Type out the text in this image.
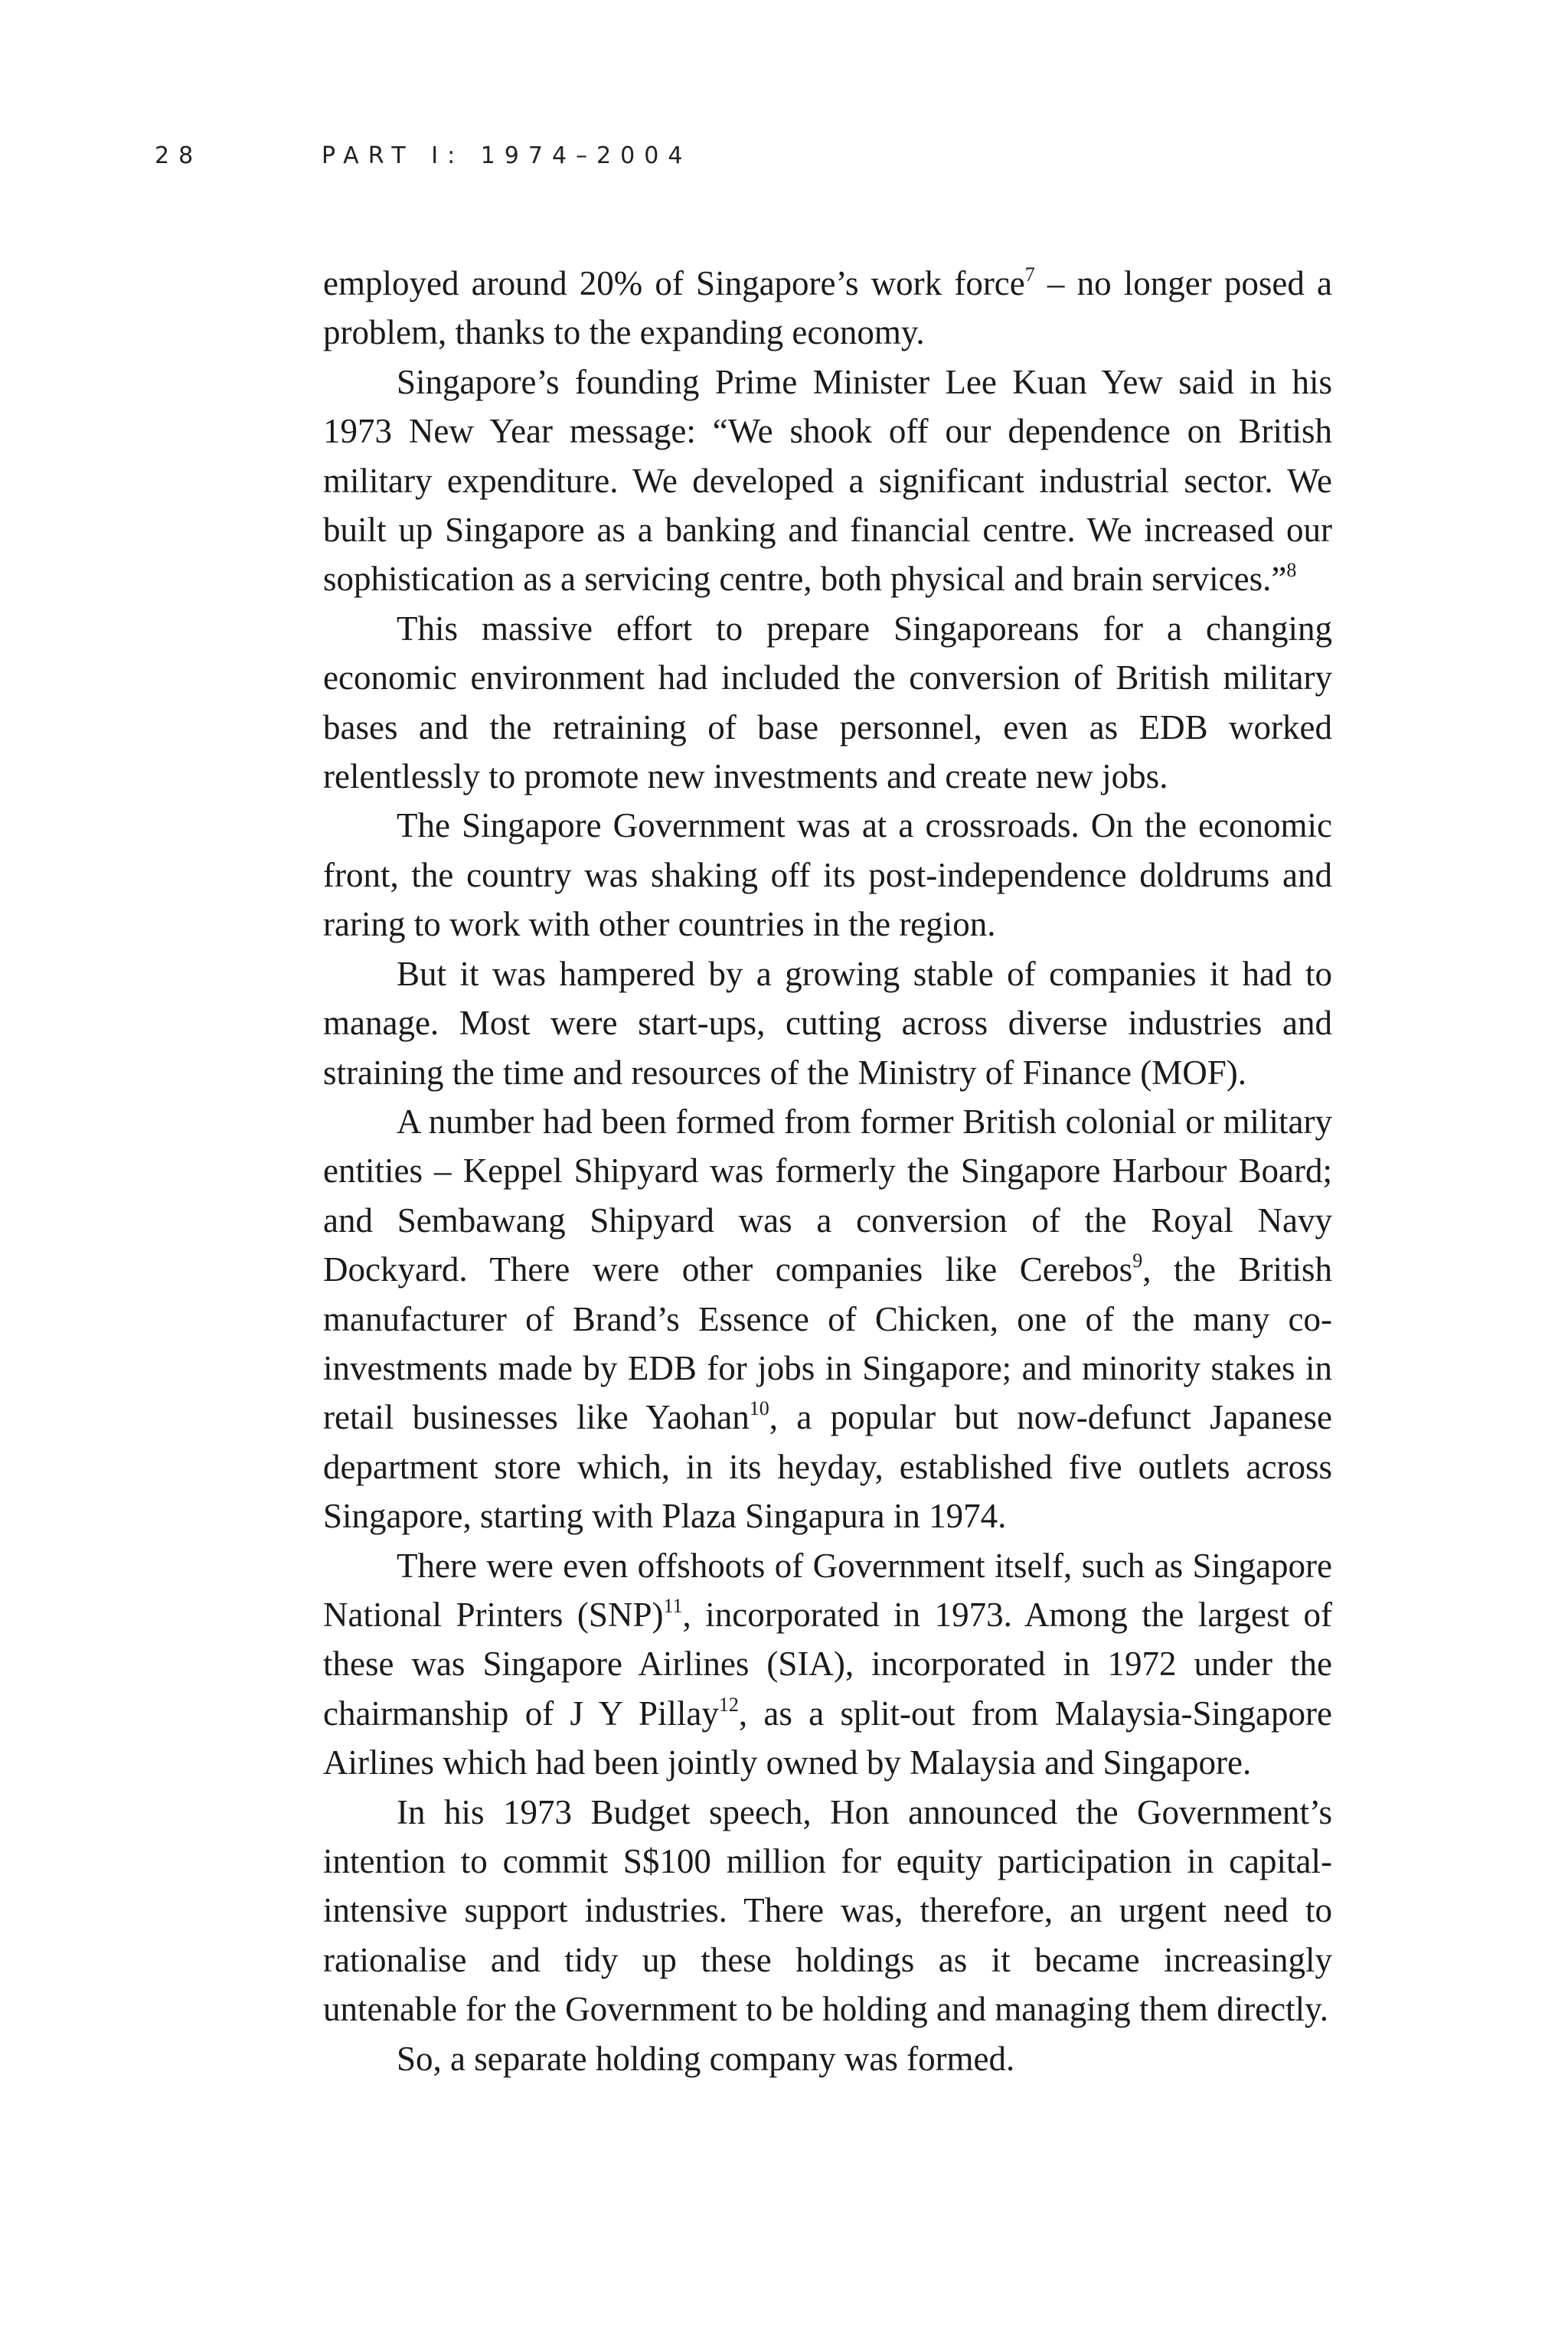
28	PART I: 1974–2004

employed around 20% of Singapore’s work force$^7$ – no longer posed a problem, thanks to the expanding economy.

Singapore’s founding Prime Minister Lee Kuan Yew said in his 1973 New Year message: “We shook off our dependence on British military expenditure. We developed a significant industrial sector. We built up Singapore as a banking and financial centre. We increased our sophistication as a servicing centre, both physical and brain services.”$^8$

This massive effort to prepare Singaporeans for a changing economic environment had included the conversion of British military bases and the retraining of base personnel, even as EDB worked relentlessly to promote new investments and create new jobs.

The Singapore Government was at a crossroads. On the economic front, the country was shaking off its post-independence doldrums and raring to work with other countries in the region.

But it was hampered by a growing stable of companies it had to manage. Most were start-ups, cutting across diverse industries and straining the time and resources of the Ministry of Finance (MOF).

A number had been formed from former British colonial or military entities – Keppel Shipyard was formerly the Singapore Harbour Board; and Sembawang Shipyard was a conversion of the Royal Navy Dockyard. There were other companies like Cerebos$^9$, the British manufacturer of Brand’s Essence of Chicken, one of the many co-investments made by EDB for jobs in Singapore; and minority stakes in retail businesses like Yaohan$^{10}$, a popular but now-defunct Japanese department store which, in its heyday, established five outlets across Singapore, starting with Plaza Singapura in 1974.

There were even offshoots of Government itself, such as Singapore National Printers (SNP)$^{11}$, incorporated in 1973. Among the largest of these was Singapore Airlines (SIA), incorporated in 1972 under the chairmanship of J Y Pillay$^{12}$, as a split-out from Malaysia-Singapore Airlines which had been jointly owned by Malaysia and Singapore.

In his 1973 Budget speech, Hon announced the Government’s intention to commit S$100 million for equity participation in capital-intensive support industries. There was, therefore, an urgent need to rationalise and tidy up these holdings as it became increasingly untenable for the Government to be holding and managing them directly.

So, a separate holding company was formed.
